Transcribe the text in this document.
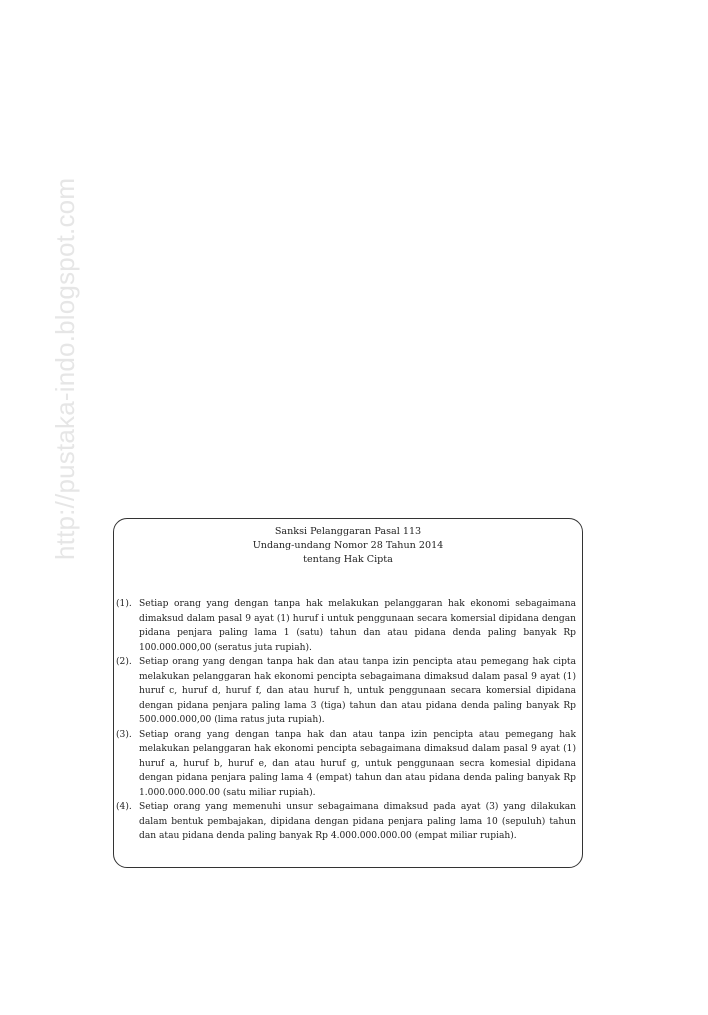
http://pustaka-indo.blogspot.com	Sanksi Pelanggaran Pasal 113
Undang-undang Nomor 28 Tahun 2014
tentang Hak Cipta
(1). Setiap orang yang dengan tanpa hak melakukan pelanggaran hak ekonomi sebagaimana dimaksud dalam pasal 9 ayat (1) huruf i untuk penggunaan secara komersial dipidana dengan pidana penjara paling lama 1 (satu) tahun dan atau pidana denda paling banyak Rp 100.000.000,00 (seratus juta rupiah).
(2). Setiap orang yang dengan tanpa hak dan atau tanpa izin pencipta atau pemegang hak cipta melakukan pelanggaran hak ekonomi pencipta sebagaimana dimaksud dalam pasal 9 ayat (1) huruf c, huruf d, huruf f, dan atau huruf h, untuk penggunaan secara komersial dipidana dengan pidana penjara paling lama 3 (tiga) tahun dan atau pidana denda paling banyak Rp 500.000.000,00 (lima ratus juta rupiah).
(3). Setiap orang yang dengan tanpa hak dan atau tanpa izin pencipta atau pemegang hak melakukan pelanggaran hak ekonomi pencipta sebagaimana dimaksud dalam pasal 9 ayat (1) huruf a, huruf b, huruf e, dan atau huruf g, untuk penggunaan secra komesial dipidana dengan pidana penjara paling lama 4 (empat) tahun dan atau pidana denda paling banyak Rp 1.000.000.000.00 (satu miliar rupiah).
(4). Setiap orang yang memenuhi unsur sebagaimana dimaksud pada ayat (3) yang dilakukan dalam bentuk pembajakan, dipidana dengan pidana penjara paling lama 10 (sepuluh) tahun dan atau pidana denda paling banyak Rp 4.000.000.000.00 (empat miliar rupiah).
